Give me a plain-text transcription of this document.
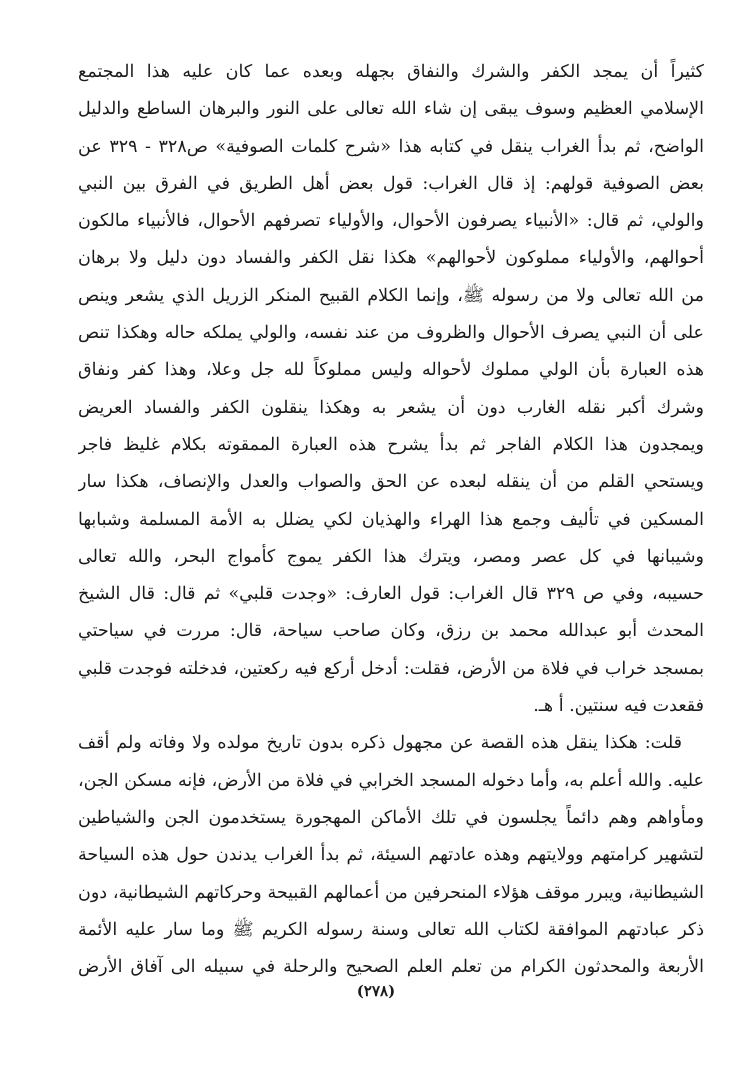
كثيراً أن يمجد الكفر والشرك والنفاق بجهله وبعده عما كان عليه هذا المجتمع
الإسلامي العظيم وسوف يبقى إن شاء الله تعالى على النور والبرهان الساطع والدليل
الواضح، ثم بدأ الغراب ينقل في كتابه هذا «شرح كلمات الصوفية» ص٣٢٨ - ٣٢٩ عن
بعض الصوفية قولهم: إذ قال الغراب: قول بعض أهل الطريق في الفرق بين النبي
والولي، ثم قال: «الأنبياء يصرفون الأحوال، والأولياء تصرفهم الأحوال، فالأنبياء مالكون
أحوالهم، والأولياء مملوكون لأحوالهم» هكذا نقل الكفر والفساد دون دليل ولا برهان
من الله تعالى ولا من رسوله ﷺ، وإنما الكلام القبيح المنكر الزريل الذي يشعر وينص
على أن النبي يصرف الأحوال والظروف من عند نفسه، والولي يملكه حاله وهكذا تنص
هذه العبارة بأن الولي مملوك لأحواله وليس مملوكاً لله جل وعلا، وهذا كفر ونفاق
وشرك أكبر نقله الغارب دون أن يشعر به وهكذا ينقلون الكفر والفساد العريض
ويمجدون هذا الكلام الفاجر ثم بدأ يشرح هذه العبارة الممقوته بكلام غليظ فاجر
ويستحي القلم من أن ينقله لبعده عن الحق والصواب والعدل والإنصاف، هكذا سار
المسكين في تأليف وجمع هذا الهراء والهذيان لكي يضلل به الأمة المسلمة وشبابها
وشيبانها في كل عصر ومصر، ويترك هذا الكفر يموج كأمواج البحر، والله تعالى
حسيبه، وفي ص ٣٢٩ قال الغراب: قول العارف: «وجدت قلبي» ثم قال: قال الشيخ
المحدث أبو عبدالله محمد بن رزق، وكان صاحب سياحة، قال: مررت في سياحتي
بمسجد خراب في فلاة من الأرض، فقلت: أدخل أركع فيه ركعتين، فدخلته فوجدت قلبي
فقعدت فيه سنتين. أ هـ.
قلت: هكذا ينقل هذه القصة عن مجهول ذكره بدون تاريخ مولده ولا وفاته ولم أقف
عليه. والله أعلم به، وأما دخوله المسجد الخرابي في فلاة من الأرض، فإنه مسكن الجن،
ومأواهم وهم دائماً يجلسون في تلك الأماكن المهجورة يستخدمون الجن والشياطين
لتشهير كرامتهم وولايتهم وهذه عادتهم السيئة، ثم بدأ الغراب يدندن حول هذه السياحة
الشيطانية، ويبرر موقف هؤلاء المنحرفين من أعمالهم القبيحة وحركاتهم الشيطانية، دون
ذكر عبادتهم الموافقة لكتاب الله تعالى وسنة رسوله الكريم ﷺ وما سار عليه الأئمة
الأربعة والمحدثون الكرام من تعلم العلم الصحيح والرحلة في سبيله الى آفاق الأرض
(٢٧٨)
